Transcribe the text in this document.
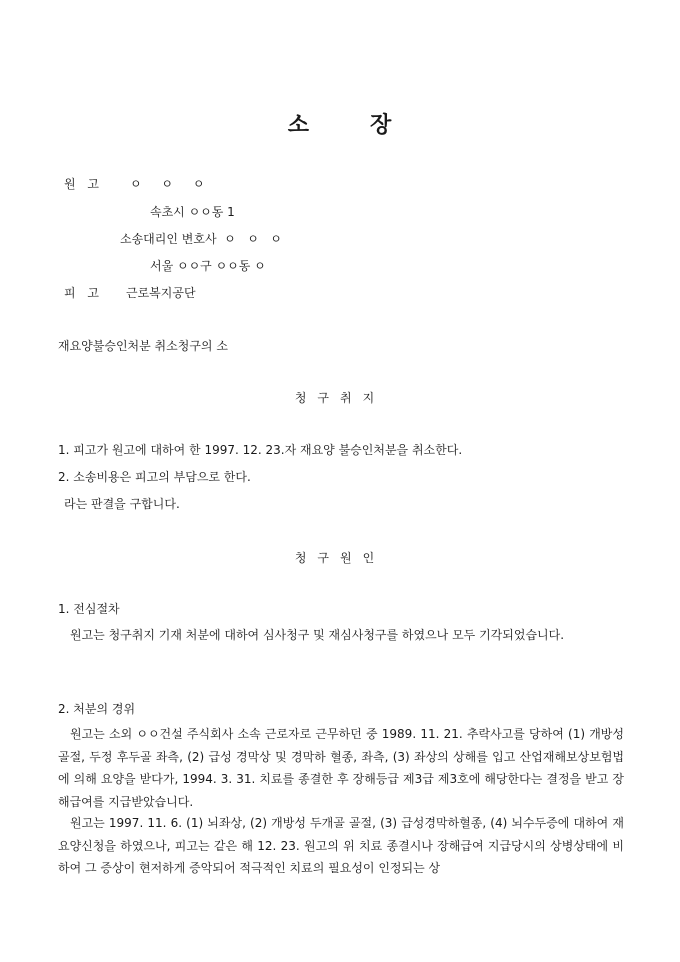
소	장
원 고	ㅇ ㅇ ㅇ
속초시 ㅇㅇ동 1
소송대리인 변호사  ㅇ   ㅇ   ㅇ
서울 ㅇㅇ구 ㅇㅇ동 ㅇ
피 고 근로복지공단
재요양불승인처분 취소청구의 소
청구취지
1. 피고가 원고에 대하여 한 1997. 12. 23.자 재요양 불승인처분을 취소한다.
2. 소송비용은 피고의 부담으로 한다.
라는 판결을 구합니다.
청구원인
1. 전심절차
원고는 청구취지 기재 처분에 대하여 심사청구 및 재심사청구를 하였으나 모두 기각되었습니다.
2. 처분의 경위
원고는 소외 ㅇㅇ건설 주식회사 소속 근로자로 근무하던 중 1989. 11. 21. 추락사고를 당하여 (1) 개방성골절, 두정 후두골 좌측, (2) 급성 경막상 및 경막하 혈종, 좌측, (3) 좌상의 상해를 입고 산업재해보상보험법에 의해 요양을 받다가, 1994. 3. 31. 치료를 종결한 후 장해등급 제3급 제3호에 해당한다는 결정을 받고 장해급여를 지급받았습니다.
원고는 1997. 11. 6. (1) 뇌좌상, (2) 개방성 두개골 골절, (3) 급성경막하혈종, (4) 뇌수두증에 대하여 재요양신청을 하였으나, 피고는 같은 해 12. 23. 원고의 위 치료 종결시나 장해급여 지급당시의 상병상태에 비하여 그 증상이 현저하게 증악되어 적극적인 치료의 필요성이 인정되는 상
